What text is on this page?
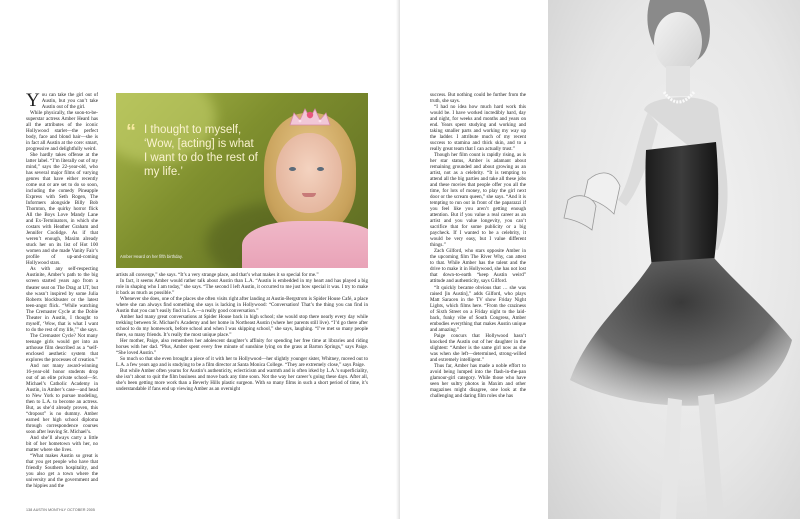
You can take the girl out of Austin, but you can’t take Austin out of the girl.

While physically, the soon-to-be-superstar actress Amber Heard has all the attributes of the iconic Hollywood starlet—the perfect body, face and blond hair—she is in fact all Austin at the core: smart, progressive and delightfully weird.

She hardly takes offense at the latter label. “I’m literally out of my mind,” says the 22-year-old, who has several major films of varying genres that have either recently come out or are set to do so soon, including the comedy Pineapple Express with Seth Rogen, The Informers alongside Billy Bob Thornton, the quirky horror flick All the Boys Love Mandy Lane and Ex-Terminators, in which she costars with Heather Graham and Jennifer Coolidge. As if that weren’t enough, Maxim already stuck her on its list of Hot 100 women and she made Vanity Fair’s profile of up-and-coming Hollywood stars.

As with any self-respecting Austinite, Amber’s path to the big screen started years ago from a theater seat on The Drag at UT, but she wasn’t inspired by some Julia Roberts blockbuster or the latest teen-angst flick. “While watching The Cremaster Cycle at the Dobie Theater in Austin, I thought to myself, ‘Wow, that is what I want to do the rest of my life,’” she says.

The Cremaster Cycle? Not many teenage girls would get into an arthouse film described as a “self-enclosed aesthetic system that explores the processes of creation.”

And not many award-winning 16-year-old honor students drop out of an elite private school—St. Michael’s Catholic Academy in Austin, in Amber’s case—and head to New York to pursue modeling, then to L.A. to become an actress. But, as she’d already proven, this “dropout” is no dummy. Amber earned her high school diploma through correspondence courses soon after leaving St. Michael’s.

And she’ll always carry a little bit of her hometown with her, no matter where she lives.

“What makes Austin so great is that you get people who have that friendly Southern hospitality, and you also get a town where the university and the government and the hippies and the

“ I thought to myself, ‘Wow, [acting] is what I want to do the rest of my life.’
Amber Heard on her fifth birthday.

artists all converge,” she says. “It’s a very strange place, and that’s what makes it so special for me.”

In fact, it seems Amber would rather talk about Austin than L.A. “Austin is embedded in my heart and has played a big role in shaping who I am today,” she says. “The second I left Austin, it occurred to me just how special it was. I try to make it back as much as possible.”

Whenever she does, one of the places she often visits right after landing at Austin-Bergstrom is Spider House Café, a place where she can always find something she says is lacking in Hollywood: “Conversation! That’s the thing you can find in Austin that you can’t easily find in L.A.—a really good conversation.”

Amber had many great conversations at Spider House back in high school; she would stop there nearly every day while trekking between St. Michael’s Academy and her home in Northeast Austin (where her parents still live). “I’d go there after school to do my homework, before school and when I was skipping school,” she says, laughing. “I’ve met so many people there, so many friends. It’s really the most unique place.”

Her mother, Paige, also remembers her adolescent daughter’s affinity for spending her free time at libraries and riding horses with her dad. “Plus, Amber spent every free minute of sunshine lying on the grass at Barton Springs,” says Paige. “She loved Austin.”

So much so that she even brought a piece of it with her to Hollywood—her slightly younger sister, Whitney, moved out to L.A. a few years ago and is studying to be a film director at Santa Monica College. “They are extremely close,” says Paige.

But while Amber often yearns for Austin’s authenticity, eclecticism and warmth and is often irked by L.A.’s superficiality, she isn’t about to quit the film business and move back any time soon. Not the way her career’s going these days. After all, she’s been getting more work than a Beverly Hills plastic surgeon. With so many films in such a short period of time, it’s understandable if fans end up viewing Amber as an overnight

138 AUSTIN MONTHLY OCTOBER 2005

success. But nothing could be further from the truth, she says.

“I had no idea how much hard work this would be. I have worked incredibly hard, day and night, for weeks and months and years on end. Years spent studying and working and taking smaller parts and working my way up the ladder. I attribute much of my recent success to stamina and thick skin, and to a really great team that I can actually trust.”

Though her film count is rapidly rising, as is her star status, Amber is adamant about remaining grounded and about growing as an artist, not as a celebrity. “It is tempting to attend all the big parties and take all these jobs and these movies that people offer you all the time, for lots of money, to play the girl next door or the scream queen,” she says. “And it is tempting to run out in front of the paparazzi if you feel like you aren’t getting enough attention. But if you value a real career as an artist and you value longevity, you can’t sacrifice that for some publicity or a big paycheck. If I wanted to be a celebrity, it would be very easy, but I value different things.”

Zach Gilford, who stars opposite Amber in the upcoming film The River Why, can attest to that. While Amber has the talent and the drive to make it in Hollywood, she has not lost that down-to-earth “keep Austin weird” attitude and authenticity, says Gilford.

“It quickly became obvious that … she was raised [in Austin],” adds Gilford, who plays Matt Saracen in the TV show Friday Night Lights, which films here. “From the craziness of Sixth Street on a Friday night to the laid-back, funky vibe of South Congress, Amber embodies everything that makes Austin unique and amazing.”

Paige concurs that Hollywood hasn’t knocked the Austin out of her daughter in the slightest: “Amber is the same girl now as she was when she left—determined, strong-willed and extremely intelligent.”

Thus far, Amber has made a noble effort to avoid being lumped into the flash-in-the-pan glamour-girl category. While those who have seen her sultry photos in Maxim and other magazines might disagree, one look at the challenging and daring film roles she has
